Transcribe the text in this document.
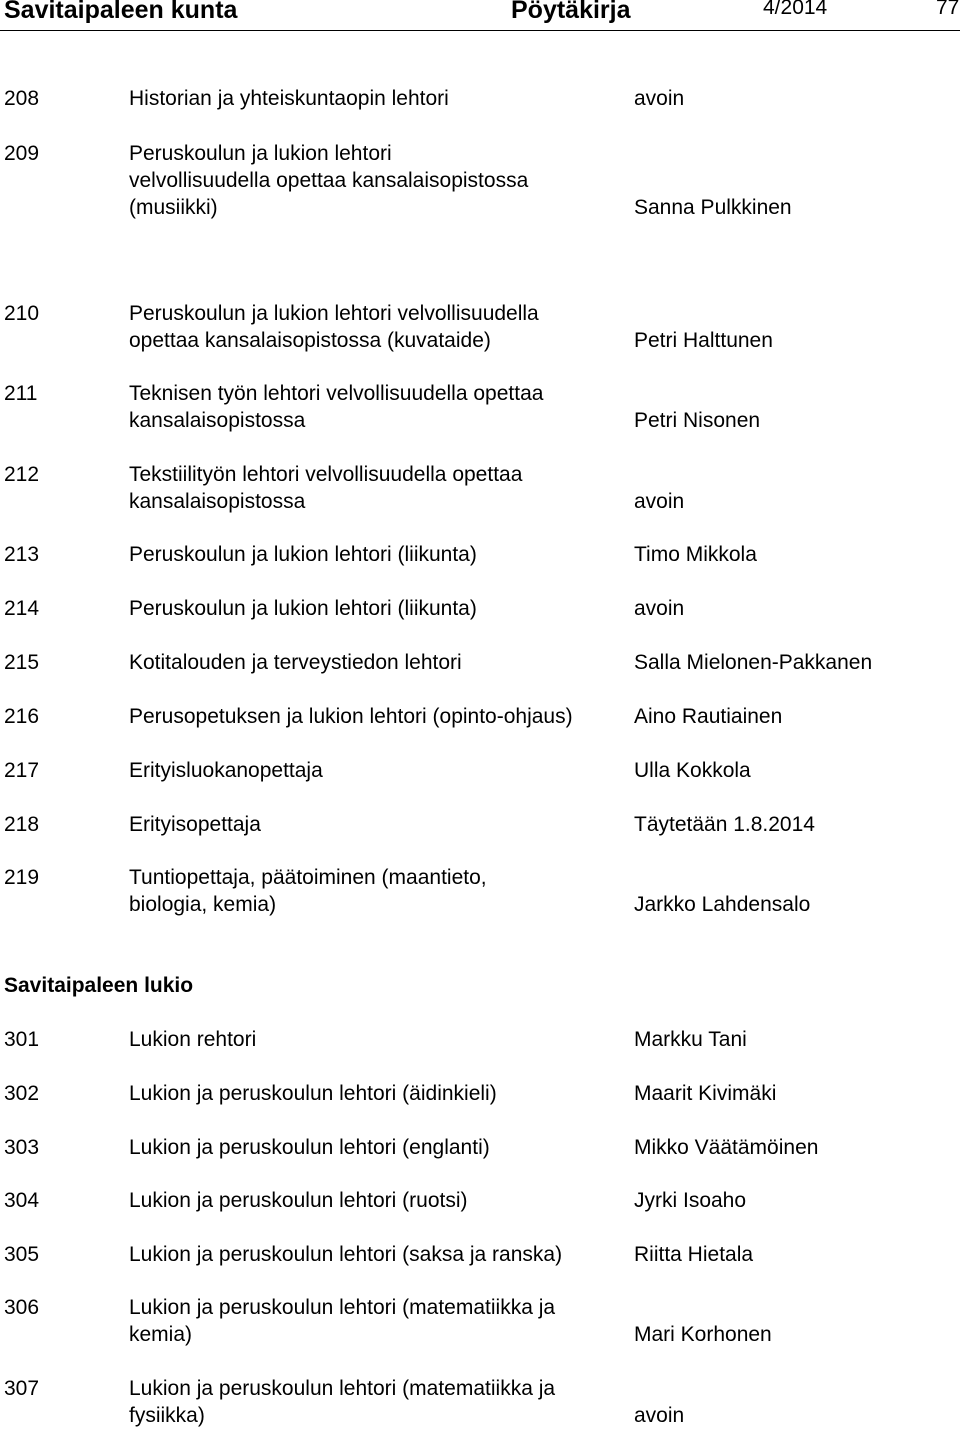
Savitaipaleen kunta	Pöytäkirja	4/2014	77
208	Historian ja yhteiskuntaopin lehtori	avoin
209	Peruskoulun ja lukion lehtori
velvollisuudella opettaa kansalaisopistossa
(musiikki)	Sanna Pulkkinen
210	Peruskoulun ja lukion lehtori velvollisuudella
opettaa kansalaisopistossa (kuvataide)	Petri Halttunen
211	Teknisen työn lehtori velvollisuudella opettaa
kansalaisopistossa	Petri Nisonen
212	Tekstiilityön lehtori velvollisuudella opettaa
kansalaisopistossa	avoin
213	Peruskoulun ja lukion lehtori (liikunta)	Timo Mikkola
214	Peruskoulun ja lukion lehtori (liikunta)	avoin
215	Kotitalouden ja terveystiedon lehtori	Salla Mielonen-Pakkanen
216	Perusopetuksen ja lukion lehtori (opinto-ohjaus)	Aino Rautiainen
217	Erityisluokanopettaja	Ulla Kokkola
218	Erityisopettaja	Täytetään 1.8.2014
219	Tuntiopettaja, päätoiminen (maantieto,
biologia, kemia)	Jarkko Lahdensalo
Savitaipaleen lukio
301	Lukion rehtori	Markku Tani
302	Lukion ja peruskoulun lehtori (äidinkieli)	Maarit Kivimäki
303	Lukion ja peruskoulun lehtori (englanti)	Mikko Väätämöinen
304	Lukion ja peruskoulun lehtori (ruotsi)	Jyrki Isoaho
305	Lukion ja peruskoulun lehtori (saksa ja ranska)	Riitta Hietala
306	Lukion ja peruskoulun lehtori (matematiikka ja
kemia)	Mari Korhonen
307	Lukion ja peruskoulun lehtori (matematiikka ja
fysiikka)	avoin
